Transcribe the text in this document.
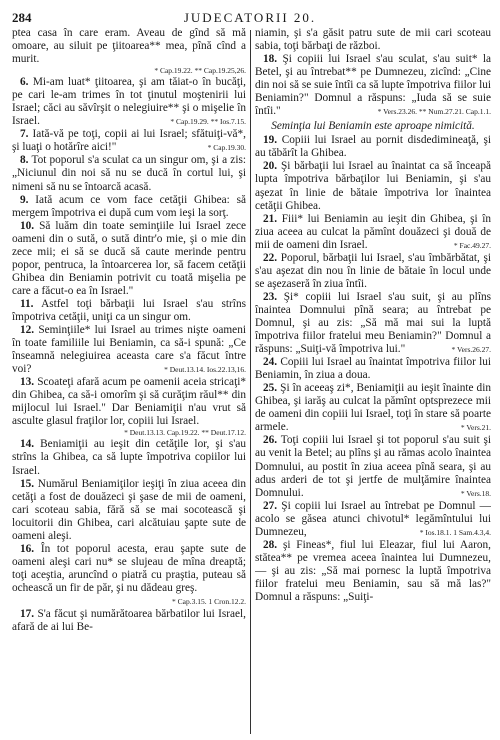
284	JUDECATORII 20.

ptea casa în care eram. Aveau de gînd să mă omoare, au siluit pe ţiitoarea** mea, pînă cînd a murit.

* Cap.19.22. ** Cap.19.25,26.

6. Mi-am luat* ţiitoarea, şi am tăiat-o în bucăţi, pe cari le-am trimes în tot ţinutul moştenirii lui Israel; căci au săvîrşit o nelegiuire** şi o mişelie în Israel.	* Cap.19.29. ** Ios.7.15.

7. Iată-vă pe toţi, copii ai lui Israel; sfătuiţi-vă*, şi luaţi o hotărîre aici!"	* Cap.19.30.

8. Tot poporul s'a sculat ca un singur om, şi a zis: „Niciunul din noi să nu se ducă în cortul lui, şi nimeni să nu se întoarcă acasă.

9. Iată acum ce vom face cetăţii Ghibea: să mergem împotriva ei după cum vom ieşi la sorţ.

10. Să luăm din toate seminţiile lui Israel zece oameni din o sută, o sută dintr'o mie, şi o mie din zece mii; ei să se ducă să caute merinde pentru popor, pentruca, la întoarcerea lor, să facem cetăţii Ghibea din Beniamin potrivit cu toată mişelia pe care a făcut-o ea în Israel."

11. Astfel toţi bărbaţii lui Israel s'au strîns împotriva cetăţii, uniţi ca un singur om.

12. Seminţiile* lui Israel au trimes nişte oameni în toate familiile lui Beniamin, ca să-i spună: „Ce înseamnă nelegiuirea aceasta care s'a făcut între voi?	* Deut.13.14. Ios.22.13,16.

13. Scoateţi afară acum pe oamenii aceia stricaţi* din Ghibea, ca să-i omorîm şi să curăţim răul** din mijlocul lui Israel." Dar Beniamiţii n'au vrut să asculte glasul fraţilor lor, copiii lui Israel.

* Deut.13.13. Cap.19.22. ** Deut.17.12.

14. Beniamiţii au ieşit din cetăţile lor, şi s'au strîns la Ghibea, ca să lupte împotriva copiilor lui Israel.

15. Numărul Beniamiţilor ieşiţi în ziua aceea din cetăţi a fost de douăzeci şi şase de mii de oameni, cari scoteau sabia, fără să se mai socotească şi locuitorii din Ghibea, cari alcătuiau şapte sute de oameni aleşi.

16. În tot poporul acesta, erau şapte sute de oameni aleşi cari nu* se slujeau de mîna dreaptă; toţi aceştia, aruncînd o piatră cu praştia, puteau să ochească un fir de păr, şi nu dădeau greş.
* Cap.3.15. 1 Cron.12.2.

17. S'a făcut şi numărătoarea bărbatilor lui Israel, afară de ai lui Be-

niamin, şi s'a găsit patru sute de mii cari scoteau sabia, toţi bărbaţi de război.

18. Şi copiii lui Israel s'au sculat, s'au suit* la Betel, şi au întrebat** pe Dumnezeu, zicînd: „Cine din noi să se suie întîi ca să lupte împotriva fiilor lui Beniamin?" Domnul a răspuns: „Iuda să se suie întîi."	* Vers.23.26. ** Num.27.21. Cap.1.1.

Seminţia lui Beniamin este aproape nimicită.

19. Copiii lui Israel au pornit disdedimineaţă, şi au tăbărît la Ghibea.

20. Şi bărbaţii lui Israel au înaintat ca să înceapă lupta împotriva bărbaţilor lui Beniamin, şi s'au aşezat în linie de bătaie împotriva lor înaintea cetăţii Ghibea.

21. Fiii* lui Beniamin au ieşit din Ghibea, şi în ziua aceea au culcat la pămînt douăzeci şi două de mii de oameni din Israel.	* Fac.49.27.

22. Poporul, bărbaţii lui Israel, s'au îmbărbătat, şi s'au aşezat din nou în linie de bătaie în locul unde se aşezaseră în ziua întîi.

23. Şi* copiii lui Israel s'au suit, şi au plîns înaintea Domnului pînă seara; au întrebat pe Domnul, şi au zis: „Să mă mai sui la luptă împotriva fiilor fratelui meu Beniamin?" Domnul a răspuns: „Suiţi-vă împotriva lui."	* Vers.26.27.

24. Copiii lui Israel au înaintat împotriva fiilor lui Beniamin, în ziua a doua.

25. Şi în aceeaş zi*, Beniamiţii au ieşit înainte din Ghibea, şi iarăş au culcat la pămînt optsprezece mii de oameni din copiii lui Israel, toţi în stare să poarte armele.	* Vers.21.

26. Toţi copiii lui Israel şi tot poporul s'au suit şi au venit la Betel; au plîns şi au rămas acolo înaintea Domnului, au postit în ziua aceea pînă seara, şi au adus arderi de tot şi jertfe de mulţămire înaintea Domnului.	* Vers.18.

27. Şi copiii lui Israel au întrebat pe Domnul — acolo se găsea atunci chivotul* legămîntului lui Dumnezeu,	* Ios.18.1. 1 Sam.4.3,4.

28. şi Fineas*, fiul lui Eleazar, fiul lui Aaron, stătea** pe vremea aceea înaintea lui Dumnezeu, — şi au zis: „Să mai pornesc la luptă împotriva fiilor fratelui meu Beniamin, sau să mă las?" Domnul a răspuns: „Suiţi-
